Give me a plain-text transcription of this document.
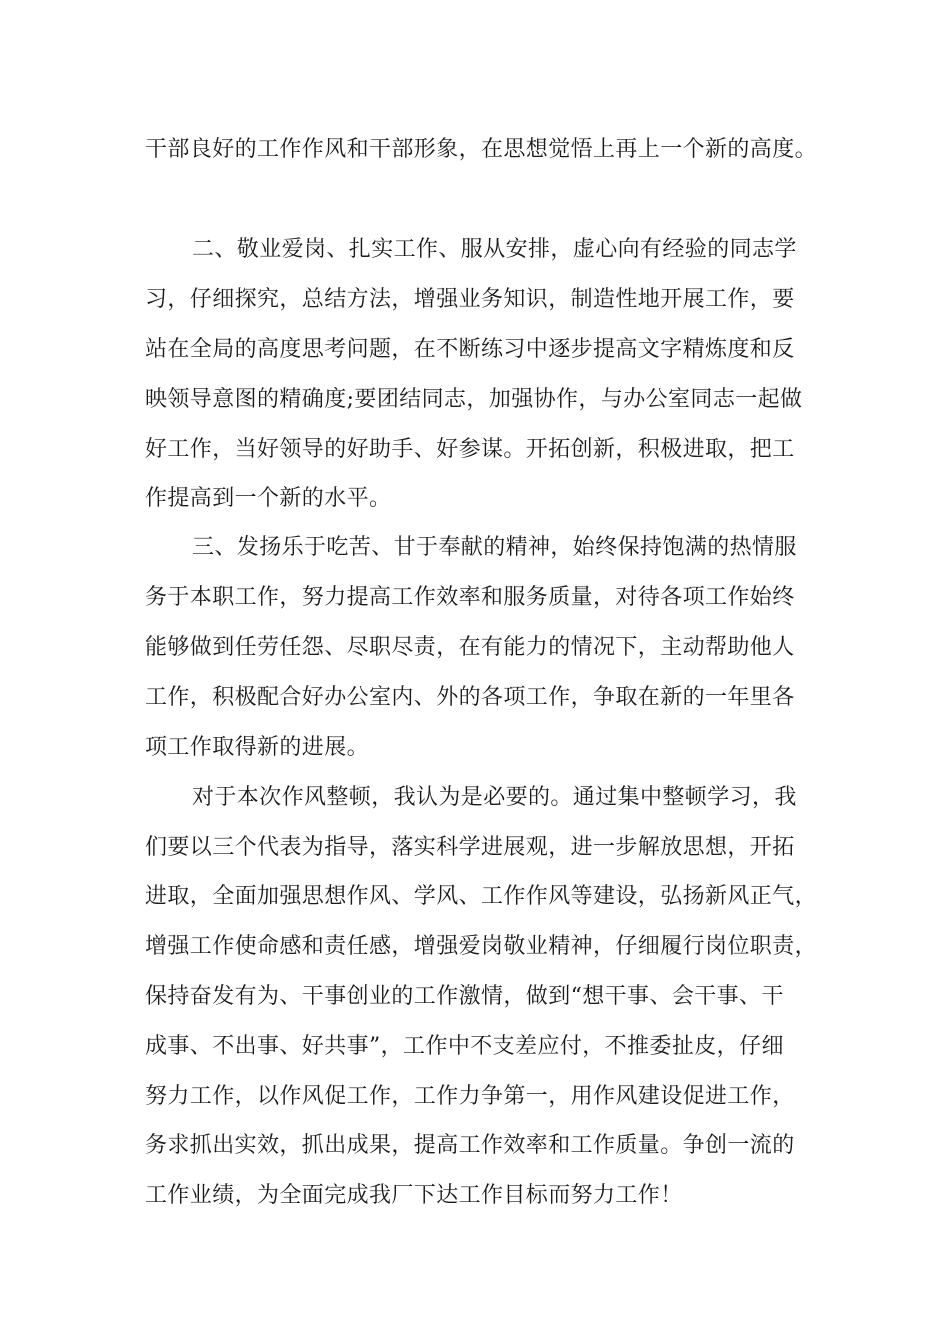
干部良好的工作作风和干部形象，在思想觉悟上再上一个新的高度。

二、敬业爱岗、扎实工作、服从安排，虚心向有经验的同志学

习，仔细探究，总结方法，增强业务知识，制造性地开展工作，要

站在全局的高度思考问题，在不断练习中逐步提高文字精炼度和反

映领导意图的精确度;要团结同志，加强协作，与办公室同志一起做

好工作，当好领导的好助手、好参谋。开拓创新，积极进取，把工

作提高到一个新的水平。

三、发扬乐于吃苦、甘于奉献的精神，始终保持饱满的热情服

务于本职工作，努力提高工作效率和服务质量，对待各项工作始终

能够做到任劳任怨、尽职尽责，在有能力的情况下，主动帮助他人

工作，积极配合好办公室内、外的各项工作，争取在新的一年里各

项工作取得新的进展。

对于本次作风整顿，我认为是必要的。通过集中整顿学习，我

们要以三个代表为指导，落实科学进展观，进一步解放思想，开拓

进取，全面加强思想作风、学风、工作作风等建设，弘扬新风正气，

增强工作使命感和责任感，增强爱岗敬业精神，仔细履行岗位职责，

保持奋发有为、干事创业的工作激情，做到“想干事、会干事、干

成事、不出事、好共事”，工作中不支差应付，不推委扯皮，仔细

努力工作，以作风促工作，工作力争第一，用作风建设促进工作，

务求抓出实效，抓出成果，提高工作效率和工作质量。争创一流的

工作业绩，为全面完成我厂下达工作目标而努力工作！
